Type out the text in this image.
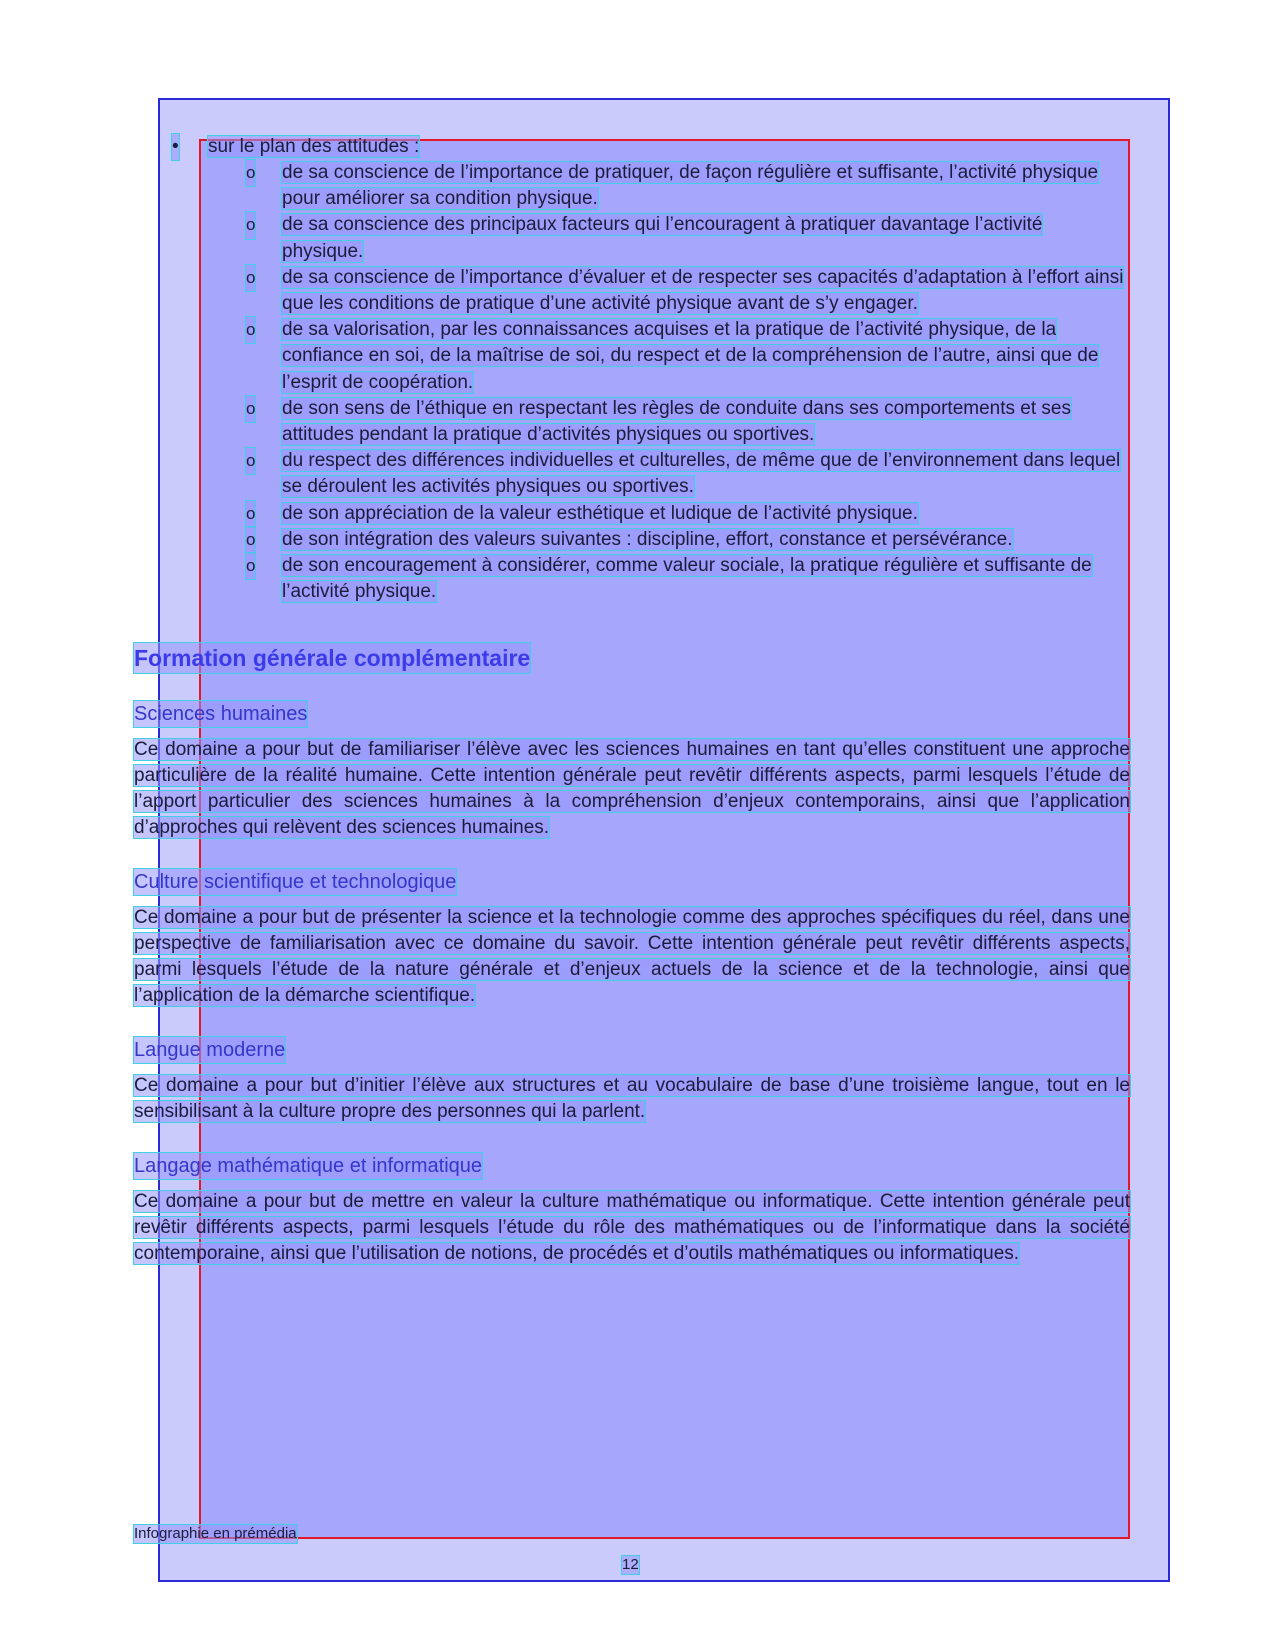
• sur le plan des attitudes :
o de sa conscience de l’importance de pratiquer, de façon régulière et suffisante, l’activité physique pour améliorer sa condition physique.
o de sa conscience des principaux facteurs qui l’encouragent à pratiquer davantage l’activité physique.
o de sa conscience de l’importance d’évaluer et de respecter ses capacités d’adaptation à l’effort ainsi que les conditions de pratique d’une activité physique avant de s’y engager.
o de sa valorisation, par les connaissances acquises et la pratique de l’activité physique, de la confiance en soi, de la maîtrise de soi, du respect et de la compréhension de l’autre, ainsi que de l’esprit de coopération.
o de son sens de l’éthique en respectant les règles de conduite dans ses comportements et ses attitudes pendant la pratique d’activités physiques ou sportives.
o du respect des différences individuelles et culturelles, de même que de l’environnement dans lequel se déroulent les activités physiques ou sportives.
o de son appréciation de la valeur esthétique et ludique de l’activité physique.
o de son intégration des valeurs suivantes : discipline, effort, constance et persévérance.
o de son encouragement à considérer, comme valeur sociale, la pratique régulière et suffisante de l’activité physique.
Formation générale complémentaire
Sciences humaines

Ce domaine a pour but de familiariser l’élève avec les sciences humaines en tant qu’elles constituent une approche particulière de la réalité humaine. Cette intention générale peut revêtir différents aspects, parmi lesquels l’étude de l’apport particulier des sciences humaines à la compréhension d’enjeux contemporains, ainsi que l’application d’approches qui relèvent des sciences humaines.

Culture scientifique et technologique

Ce domaine a pour but de présenter la science et la technologie comme des approches spécifiques du réel, dans une perspective de familiarisation avec ce domaine du savoir. Cette intention générale peut revêtir différents aspects, parmi lesquels l’étude de la nature générale et d’enjeux actuels de la science et de la technologie, ainsi que l’application de la démarche scientifique.

Langue moderne

Ce domaine a pour but d’initier l’élève aux structures et au vocabulaire de base d’une troisième langue, tout en le sensibilisant à la culture propre des personnes qui la parlent.

Langage mathématique et informatique

Ce domaine a pour but de mettre en valeur la culture mathématique ou informatique. Cette intention générale peut revêtir différents aspects, parmi lesquels l’étude du rôle des mathématiques ou de l’informatique dans la société contemporaine, ainsi que l’utilisation de notions, de procédés et d’outils mathématiques ou informatiques.

Infographie en prémédia
12
